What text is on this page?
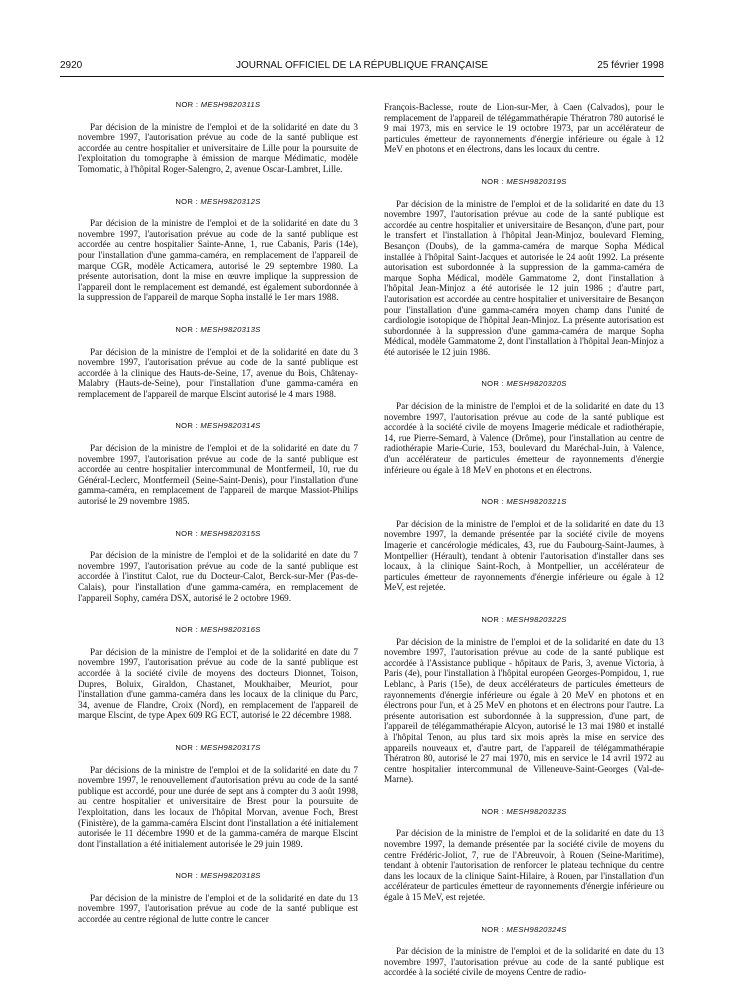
2920	JOURNAL OFFICIEL DE LA RÉPUBLIQUE FRANÇAISE	25 février 1998
NOR : MESH9820311S
Par décision de la ministre de l'emploi et de la solidarité en date du 3 novembre 1997, l'autorisation prévue au code de la santé publique est accordée au centre hospitalier et universitaire de Lille pour la poursuite de l'exploitation du tomographe à émission de marque Médimatic, modèle Tomomatic, à l'hôpital Roger-Salengro, 2, avenue Oscar-Lambret, Lille.
NOR : MESH9820312S
Par décision de la ministre de l'emploi et de la solidarité en date du 3 novembre 1997, l'autorisation prévue au code de la santé publique est accordée au centre hospitalier Sainte-Anne, 1, rue Cabanis, Paris (14e), pour l'installation d'une gamma-caméra, en remplacement de l'appareil de marque CGR, modèle Acticamera, autorisé le 29 septembre 1980. La présente autorisation, dont la mise en œuvre implique la suppression de l'appareil dont le remplacement est demandé, est également subordonnée à la suppression de l'appareil de marque Sopha installé le 1er mars 1988.
NOR : MESH9820313S
Par décision de la ministre de l'emploi et de la solidarité en date du 3 novembre 1997, l'autorisation prévue au code de la santé publique est accordée à la clinique des Hauts-de-Seine, 17, avenue du Bois, Châtenay-Malabry (Hauts-de-Seine), pour l'installation d'une gamma-caméra en remplacement de l'appareil de marque Elscint autorisé le 4 mars 1988.
NOR : MESH9820314S
Par décision de la ministre de l'emploi et de la solidarité en date du 7 novembre 1997, l'autorisation prévue au code de la santé publique est accordée au centre hospitalier intercommunal de Montfermeil, 10, rue du Général-Leclerc, Montfermeil (Seine-Saint-Denis), pour l'installation d'une gamma-caméra, en remplacement de l'appareil de marque Massiot-Philips autorisé le 29 novembre 1985.
NOR : MESH9820315S
Par décision de la ministre de l'emploi et de la solidarité en date du 7 novembre 1997, l'autorisation prévue au code de la santé publique est accordée à l'institut Calot, rue du Docteur-Calot, Berck-sur-Mer (Pas-de-Calais), pour l'installation d'une gamma-caméra, en remplacement de l'appareil Sophy, caméra DSX, autorisé le 2 octobre 1969.
NOR : MESH9820316S
Par décision de la ministre de l'emploi et de la solidarité en date du 7 novembre 1997, l'autorisation prévue au code de la santé publique est accordée à la société civile de moyens des docteurs Dionnet, Toison, Dupres, Boluix, Giraldon, Chastanet, Moukhaiber, Meuriot, pour l'installation d'une gamma-caméra dans les locaux de la clinique du Parc, 34, avenue de Flandre, Croix (Nord), en remplacement de l'appareil de marque Elscint, de type Apex 609 RG ECT, autorisé le 22 décembre 1988.
NOR : MESH9820317S
Par décisions de la ministre de l'emploi et de la solidarité en date du 7 novembre 1997, le renouvellement d'autorisation prévu au code de la santé publique est accordé, pour une durée de sept ans à compter du 3 août 1998, au centre hospitalier et universitaire de Brest pour la poursuite de l'exploitation, dans les locaux de l'hôpital Morvan, avenue Foch, Brest (Finistère), de la gamma-caméra Elscint dont l'installation a été initialement autorisée le 11 décembre 1990 et de la gamma-caméra de marque Elscint dont l'installation a été initialement autorisée le 29 juin 1989.
NOR : MESH9820318S
Par décision de la ministre de l'emploi et de la solidarité en date du 13 novembre 1997, l'autorisation prévue au code de la santé publique est accordée au centre régional de lutte contre le cancer
François-Baclesse, route de Lion-sur-Mer, à Caen (Calvados), pour le remplacement de l'appareil de télégammathérapie Thératron 780 autorisé le 9 mai 1973, mis en service le 19 octobre 1973, par un accélérateur de particules émetteur de rayonnements d'énergie inférieure ou égale à 12 MeV en photons et en électrons, dans les locaux du centre.
NOR : MESH9820319S
Par décision de la ministre de l'emploi et de la solidarité en date du 13 novembre 1997, l'autorisation prévue au code de la santé publique est accordée au centre hospitalier et universitaire de Besançon, d'une part, pour le transfert et l'installation à l'hôpital Jean-Minjoz, boulevard Fleming, Besançon (Doubs), de la gamma-caméra de marque Sopha Médical installée à l'hôpital Saint-Jacques et autorisée le 24 août 1992. La présente autorisation est subordonnée à la suppression de la gamma-caméra de marque Sopha Médical, modèle Gammatome 2, dont l'installation à l'hôpital Jean-Minjoz a été autorisée le 12 juin 1986 ; d'autre part, l'autorisation est accordée au centre hospitalier et universitaire de Besançon pour l'installation d'une gamma-caméra moyen champ dans l'unité de cardiologie isotopique de l'hôpital Jean-Minjoz. La présente autorisation est subordonnée à la suppression d'une gamma-caméra de marque Sopha Médical, modèle Gammatome 2, dont l'installation à l'hôpital Jean-Minjoz a été autorisée le 12 juin 1986.
NOR : MESH9820320S
Par décision de la ministre de l'emploi et de la solidarité en date du 13 novembre 1997, l'autorisation prévue au code de la santé publique est accordée à la société civile de moyens Imagerie médicale et radiothérapie, 14, rue Pierre-Semard, à Valence (Drôme), pour l'installation au centre de radiothérapie Marie-Curie, 153, boulevard du Maréchal-Juin, à Valence, d'un accélérateur de particules émetteur de rayonnements d'énergie inférieure ou égale à 18 MeV en photons et en électrons.
NOR : MESH9820321S
Par décision de la ministre de l'emploi et de la solidarité en date du 13 novembre 1997, la demande présentée par la société civile de moyens Imagerie et cancérologie médicales, 43, rue du Faubourg-Saint-Jaumes, à Montpellier (Hérault), tendant à obtenir l'autorisation d'installer dans ses locaux, à la clinique Saint-Roch, à Montpellier, un accélérateur de particules émetteur de rayonnements d'énergie inférieure ou égale à 12 MeV, est rejetée.
NOR : MESH9820322S
Par décision de la ministre de l'emploi et de la solidarité en date du 13 novembre 1997, l'autorisation prévue au code de la santé publique est accordée à l'Assistance publique - hôpitaux de Paris, 3, avenue Victoria, à Paris (4e), pour l'installation à l'hôpital européen Georges-Pompidou, 1, rue Leblanc, à Paris (15e), de deux accélérateurs de particules émetteurs de rayonnements d'énergie inférieure ou égale à 20 MeV en photons et en électrons pour l'un, et à 25 MeV en photons et en électrons pour l'autre. La présente autorisation est subordonnée à la suppression, d'une part, de l'appareil de télégammathérapie Alcyon, autorisé le 13 mai 1980 et installé à l'hôpital Tenon, au plus tard six mois après la mise en service des appareils nouveaux et, d'autre part, de l'appareil de télégammathérapie Thératron 80, autorisé le 27 mai 1970, mis en service le 14 avril 1972 au centre hospitalier intercommunal de Villeneuve-Saint-Georges (Val-de-Marne).
NOR : MESH9820323S
Par décision de la ministre de l'emploi et de la solidarité en date du 13 novembre 1997, la demande présentée par la société civile de moyens du centre Frédéric-Joliot, 7, rue de l'Abreuvoir, à Rouen (Seine-Maritime), tendant à obtenir l'autorisation de renforcer le plateau technique du centre dans les locaux de la clinique Saint-Hilaire, à Rouen, par l'installation d'un accélérateur de particules émetteur de rayonnements d'énergie inférieure ou égale à 15 MeV, est rejetée.
NOR : MESH9820324S
Par décision de la ministre de l'emploi et de la solidarité en date du 13 novembre 1997, l'autorisation prévue au code de la santé publique est accordée à la société civile de moyens Centre de radio-
